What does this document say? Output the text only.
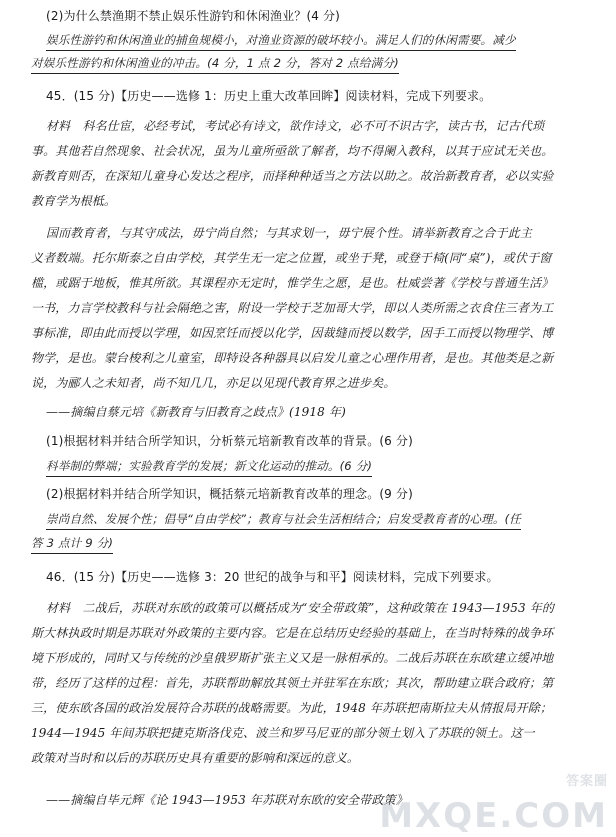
(2)为什么禁渔期不禁止娱乐性游钓和休闲渔业？(4 分)
娱乐性游钓和休闲渔业的捕鱼规模小，对渔业资源的破坏较小。满足人们的休闲需要。减少
对娱乐性游钓和休闲渔业的冲击。(4 分，1 点 2 分，答对 2 点给满分)
45．(15 分)【历史——选修 1：历史上重大改革回眸】阅读材料，完成下列要求。
材料　科名仕宦，必经考试，考试必有诗文，欲作诗文，必不可不识古字，读古书，记古代琐
事。其他若自然现象、社会状况，虽为儿童所亟欲了解者，均不得阑入教科，以其于应试无关也。
新教育则否，在深知儿童身心发达之程序，而择种种适当之方法以助之。故治新教育者，必以实验
教育学为根柢。
国而教育者，与其守成法，毋宁尚自然；与其求划一，毋宁展个性。请举新教育之合于此主
义者数端。托尔斯泰之自由学校，其学生无一定之位置，或坐于凳，或登于椅(同“桌”)，或伏于窗
槛，或踞于地板，惟其所欲。其课程亦无定时，惟学生之愿，是也。杜威尝著《学校与普通生活》
一书，力言学校教科与社会隔绝之害，附设一学校于芝加哥大学，即以人类所需之衣食住三者为工
事标准，即由此而授以学理，如因烹饪而授以化学，因裁缝而授以数学，因手工而授以物理学、博
物学，是也。蒙台梭利之儿童室，即特设各种器具以启发儿童之心理作用者，是也。其他类是之新
说，为郦人之未知者，尚不知几几，亦足以见现代教育界之进步矣。
——摘编自蔡元培《新教育与旧教育之歧点》(1918 年)
(1)根据材料并结合所学知识，分析蔡元培新教育改革的背景。(6 分)
科举制的弊端；实验教育学的发展；新文化运动的推动。(6 分)
(2)根据材料并结合所学知识，概括蔡元培新教育改革的理念。(9 分)
崇尚自然、发展个性；倡导“自由学校”；教育与社会生活相结合；启发受教育者的心理。(任
答 3 点计 9 分)
46．(15 分)【历史——选修 3：20 世纪的战争与和平】阅读材料，完成下列要求。
材料　二战后，苏联对东欧的政策可以概括成为“安全带政策”，这种政策在 1943—1953 年的
斯大林执政时期是苏联对外政策的主要内容。它是在总结历史经验的基础上，在当时特殊的战争环
境下形成的，同时又与传统的沙皇俄罗斯扩张主义又是一脉相承的。二战后苏联在东欧建立缓冲地
带，经历了这样的过程：首先，苏联帮助解放其领土并驻军在东欧；其次，帮助建立联合政府；第
三，使东欧各国的政治发展符合苏联的战略需要。为此，1948 年苏联把南斯拉夫从情报局开除；
1944—1945 年间苏联把捷克斯洛伐克、波兰和罗马尼亚的部分领土划入了苏联的领土。这一
政策对当时和以后的苏联历史具有重要的影响和深远的意义。
——摘编自毕元辉《论 1943—1953 年苏联对东欧的安全带政策》
答案圈
MXQE.COM
